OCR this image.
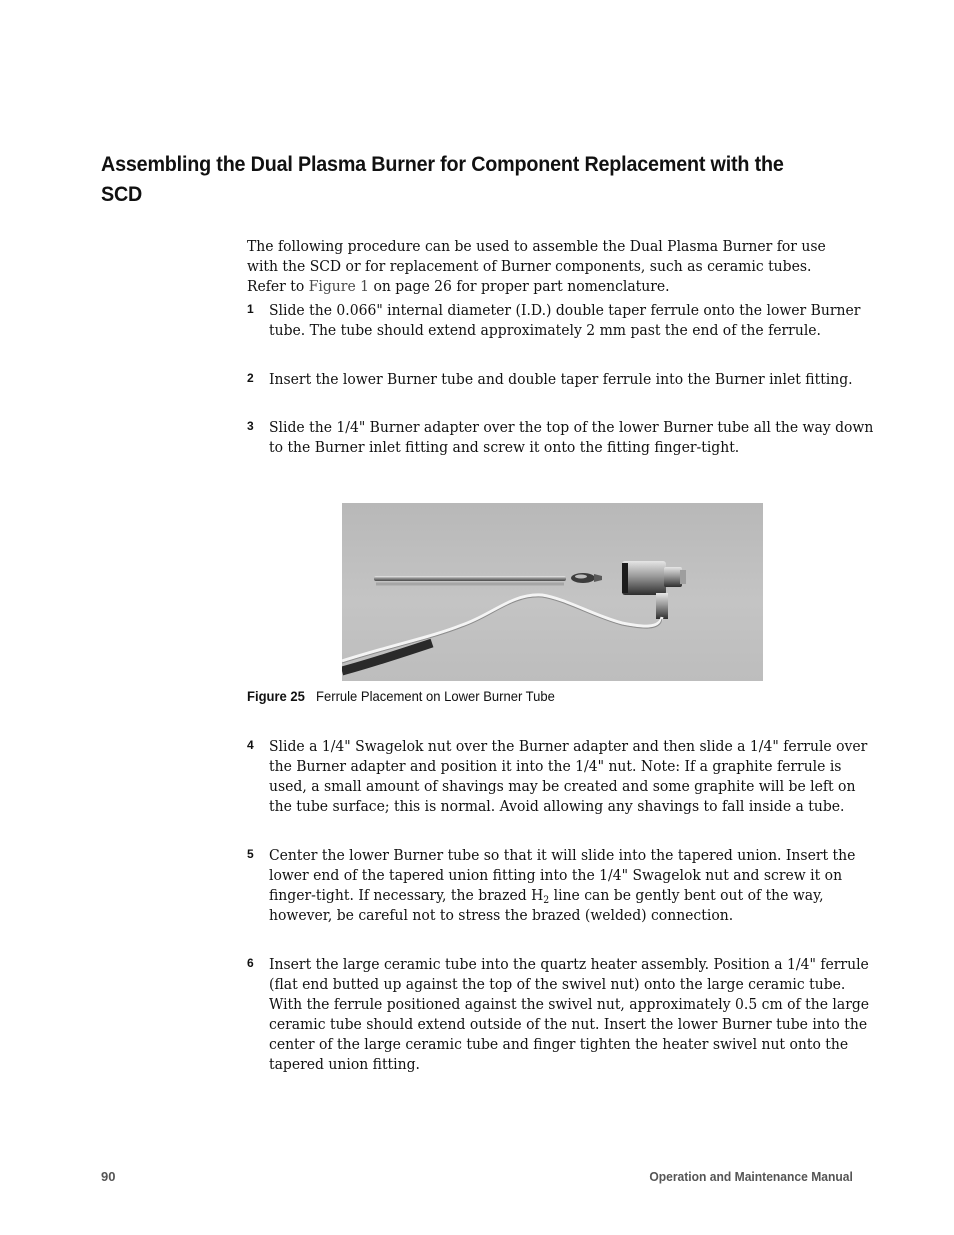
Assembling the Dual Plasma Burner for Component Replacement with the SCD
The following procedure can be used to assemble the Dual Plasma Burner for use with the SCD or for replacement of Burner components, such as ceramic tubes. Refer to Figure 1 on page 26 for proper part nomenclature.
1 Slide the 0.066" internal diameter (I.D.) double taper ferrule onto the lower Burner tube. The tube should extend approximately 2 mm past the end of the ferrule.
2 Insert the lower Burner tube and double taper ferrule into the Burner inlet fitting.
3 Slide the 1/4" Burner adapter over the top of the lower Burner tube all the way down to the Burner inlet fitting and screw it onto the fitting finger-tight.
Figure 25 Ferrule Placement on Lower Burner Tube
4 Slide a 1/4" Swagelok nut over the Burner adapter and then slide a 1/4" ferrule over the Burner adapter and position it into the 1/4" nut. Note: If a graphite ferrule is used, a small amount of shavings may be created and some graphite will be left on the tube surface; this is normal. Avoid allowing any shavings to fall inside a tube.
5 Center the lower Burner tube so that it will slide into the tapered union. Insert the lower end of the tapered union fitting into the 1/4" Swagelok nut and screw it on finger-tight. If necessary, the brazed $H_2$ line can be gently bent out of the way, however, be careful not to stress the brazed (welded) connection.
6 Insert the large ceramic tube into the quartz heater assembly. Position a 1/4" ferrule (flat end butted up against the top of the swivel nut) onto the large ceramic tube. With the ferrule positioned against the swivel nut, approximately 0.5 cm of the large ceramic tube should extend outside of the nut. Insert the lower Burner tube into the center of the large ceramic tube and finger tighten the heater swivel nut onto the tapered union fitting.
90	Operation and Maintenance Manual
